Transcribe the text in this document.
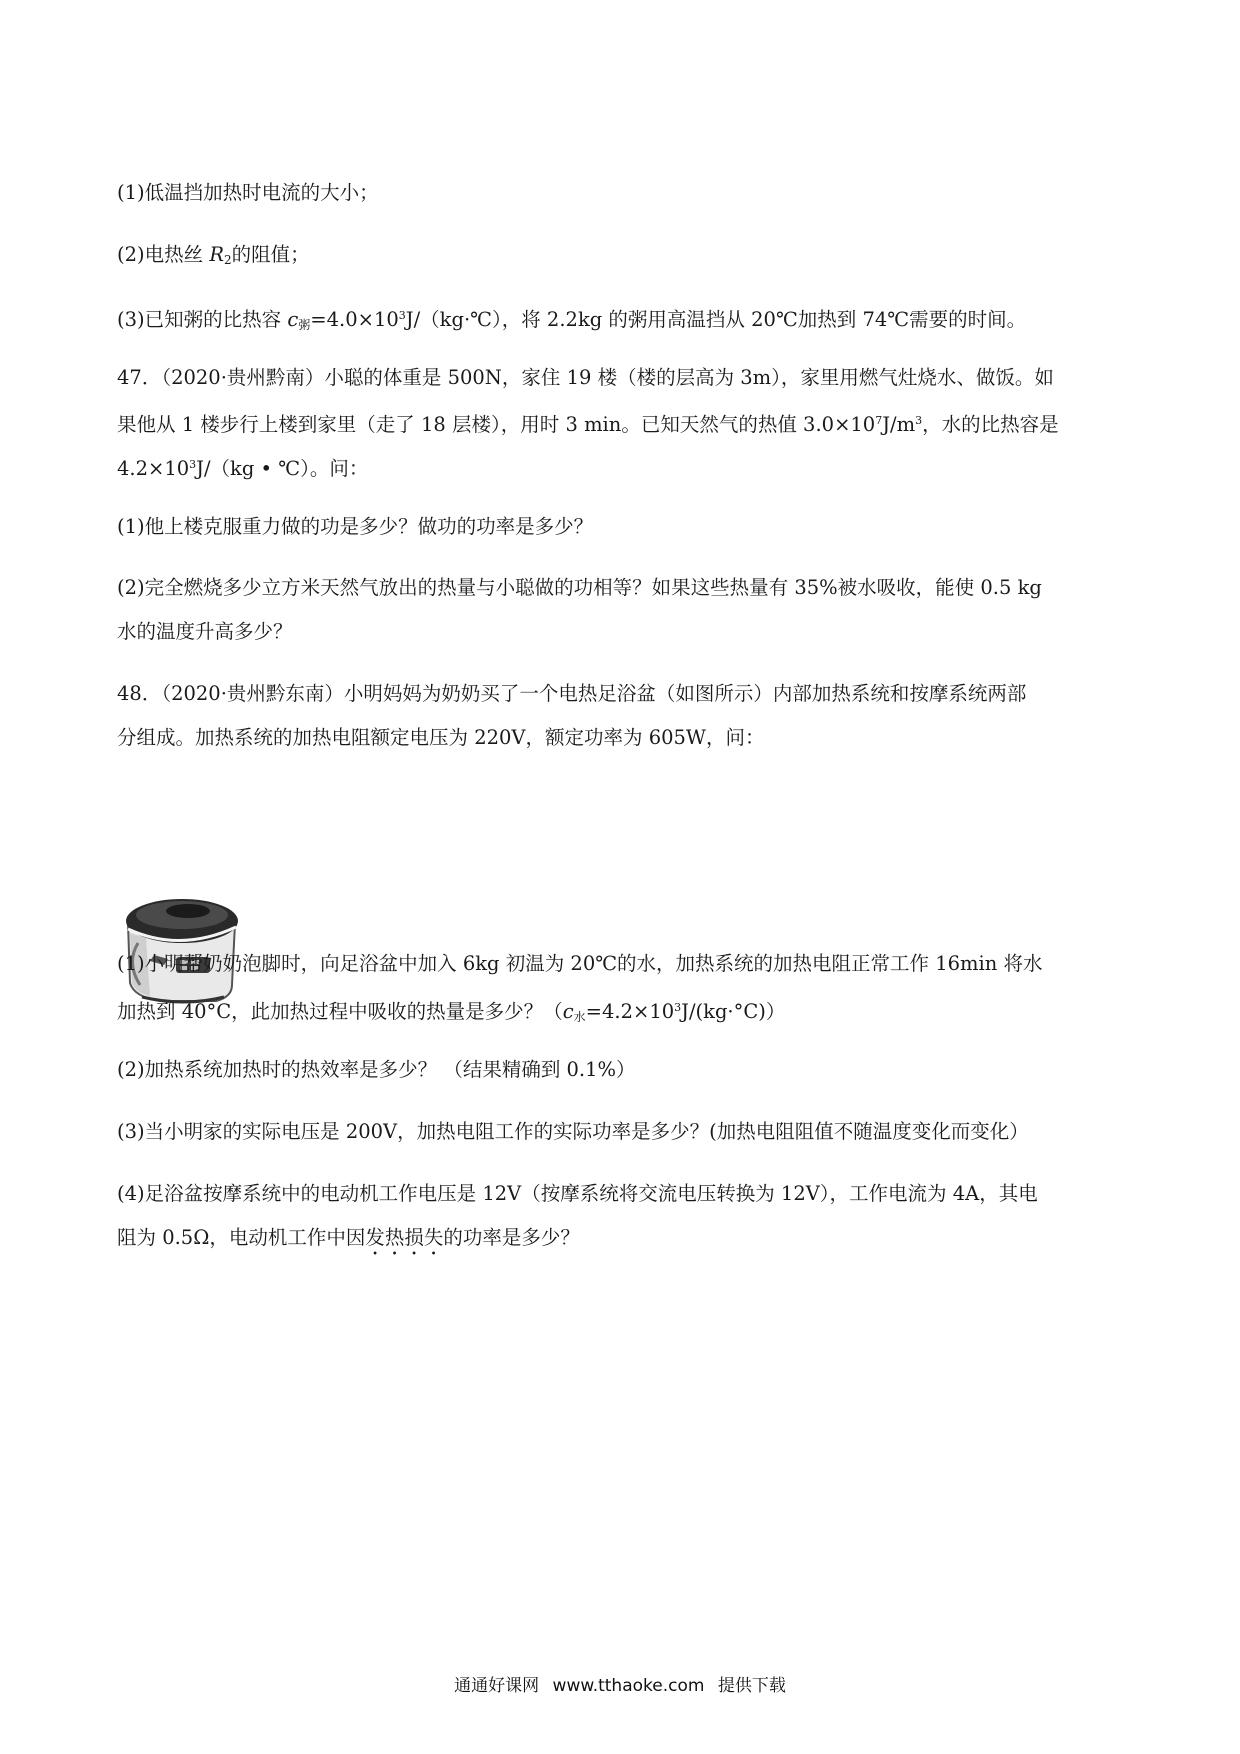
(1)低温挡加热时电流的大小；
(2)电热丝 $R_2$的阻值；
(3)已知粥的比热容 $c_粥=4.0\times 10^3J/(kg\cdot℃)$，将 2.2kg 的粥用高温挡从 20℃加热到 74℃需要的时间。
47．（2020·贵州黔南）小聪的体重是 500N，家住 19 楼（楼的层高为 3m），家里用燃气灶烧水、做饭。如
果他从 1 楼步行上楼到家里（走了 18 层楼），用时 3 min。已知天然气的热值 $3.0\times 10^7J/m^3$，水的比热容是
$4.2\times 10^3J/(kg$ • ℃）。问：
(1)他上楼克服重力做的功是多少？做功的功率是多少？
(2)完全燃烧多少立方米天然气放出的热量与小聪做的功相等？如果这些热量有 35%被水吸收，能使 0.5 kg
水的温度升高多少？
48．（2020·贵州黔东南）小明妈妈为奶奶买了一个电热足浴盆（如图所示）内部加热系统和按摩系统两部
分组成。加热系统的加热电阻额定电压为 220V，额定功率为 605W，问：
(1)小明帮奶奶泡脚时，向足浴盆中加入 6kg 初温为 20℃的水，加热系统的加热电阻正常工作 16min 将水
加热到 40°C，此加热过程中吸收的热量是多少？$(c_水=4.2\times 10^3J/(kg\cdot^\circ C))$
(2)加热系统加热时的热效率是多少？ （结果精确到 0.1%）
(3)当小明家的实际电压是 200V，加热电阻工作的实际功率是多少？(加热电阻阻值不随温度变化而变化）
(4)足浴盆按摩系统中的电动机工作电压是 12V（按摩系统将交流电压转换为 12V），工作电流为 4A，其电
阻为 0.5Ω，电动机工作中因发热损失的功率是多少？
通通好课网 www.tthaoke.com 提供下载
